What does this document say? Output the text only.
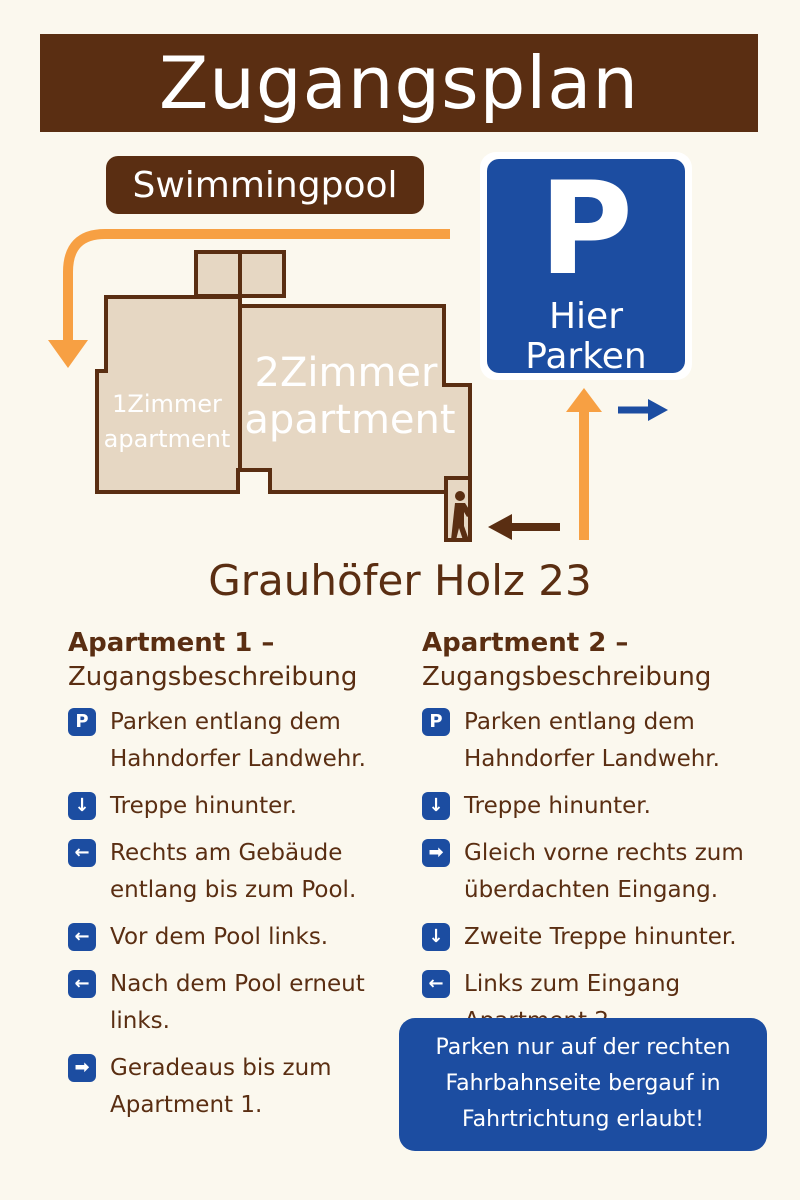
Zugangsplan
Swimmingpool
1Zimmer
apartment
2Zimmer
apartment
P
Hier
Parken
Grauhöfer Holz 23
Apartment 1 –
Zugangsbeschreibung
P Parken entlang dem Hahndorfer Landwehr.
↓ Treppe hinunter.
← Rechts am Gebäude entlang bis zum Pool.
← Vor dem Pool links.
← Nach dem Pool erneut links.
➡ Geradeaus bis zum Apartment 1.
Apartment 2 –
Zugangsbeschreibung
P Parken entlang dem Hahndorfer Landwehr.
↓ Treppe hinunter.
➡ Gleich vorne rechts zum überdachten Eingang.
↓ Zweite Treppe hinunter.
← Links zum Eingang
Parken nur auf der rechten Fahrbahnseite bergauf in Fahrtrichtung erlaubt!
